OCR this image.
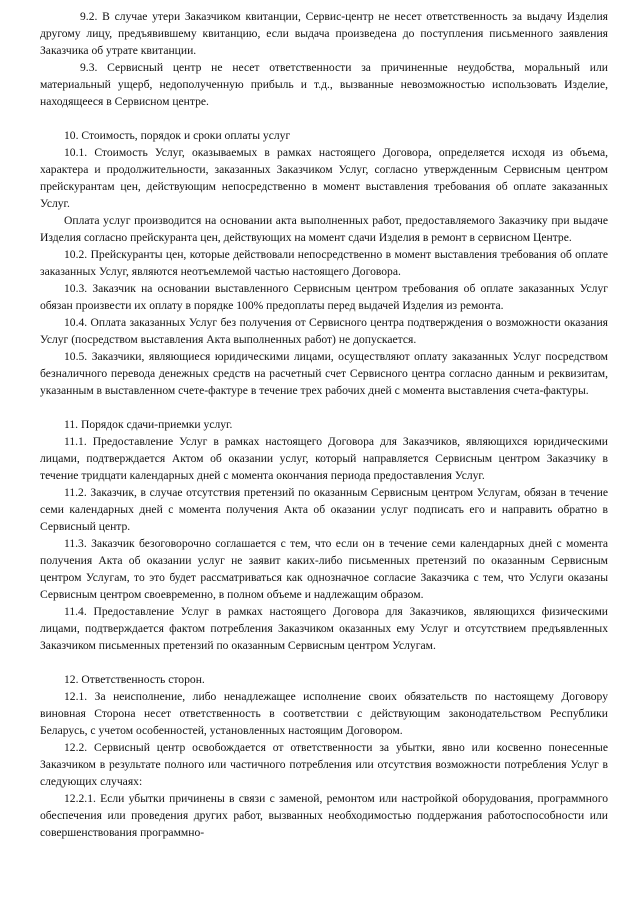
9.2. В случае утери Заказчиком квитанции, Сервис-центр не несет ответственность за выдачу Изделия другому лицу, предъявившему квитанцию, если выдача произведена до поступления письменного заявления Заказчика об утрате квитанции.

9.3. Сервисный центр не несет ответственности за причиненные неудобства, моральный или материальный ущерб, недополученную прибыль и т.д., вызванные невозможностью использовать Изделие, находящееся в Сервисном центре.

10. Стоимость, порядок и сроки оплаты услуг

10.1. Стоимость Услуг, оказываемых в рамках настоящего Договора, определяется исходя из объема, характера и продолжительности, заказанных Заказчиком Услуг, согласно утвержденным Сервисным центром прейскурантам цен, действующим непосредственно в момент выставления требования об оплате заказанных Услуг.

Оплата услуг производится на основании акта выполненных работ, предоставляемого Заказчику при выдаче Изделия согласно прейскуранта цен, действующих на момент сдачи Изделия в ремонт в сервисном Центре.

10.2. Прейскуранты цен, которые действовали непосредственно в момент выставления требования об оплате заказанных Услуг, являются неотъемлемой частью настоящего Договора.

10.3. Заказчик на основании выставленного Сервисным центром требования об оплате заказанных Услуг обязан произвести их оплату в порядке 100% предоплаты перед выдачей Изделия из ремонта.

10.4. Оплата заказанных Услуг без получения от Сервисного центра подтверждения о возможности оказания Услуг (посредством выставления Акта выполненных работ) не допускается.

10.5. Заказчики, являющиеся юридическими лицами, осуществляют оплату заказанных Услуг посредством безналичного перевода денежных средств на расчетный счет Сервисного центра согласно данным и реквизитам, указанным в выставленном счете-фактуре в течение трех рабочих дней с момента выставления счета-фактуры.

11. Порядок сдачи-приемки услуг.

11.1. Предоставление Услуг в рамках настоящего Договора для Заказчиков, являющихся юридическими лицами, подтверждается Актом об оказании услуг, который направляется Сервисным центром Заказчику в течение тридцати календарных дней с момента окончания периода предоставления Услуг.

11.2. Заказчик, в случае отсутствия претензий по оказанным Сервисным центром Услугам, обязан в течение семи календарных дней с момента получения Акта об оказании услуг подписать его и направить обратно в Сервисный центр.

11.3. Заказчик безоговорочно соглашается с тем, что если он в течение семи календарных дней с момента получения Акта об оказании услуг не заявит каких-либо письменных претензий по оказанным Сервисным центром Услугам, то это будет рассматриваться как однозначное согласие Заказчика с тем, что Услуги оказаны Сервисным центром своевременно, в полном объеме и надлежащим образом.

11.4. Предоставление Услуг в рамках настоящего Договора для Заказчиков, являющихся физическими лицами, подтверждается фактом потребления Заказчиком оказанных ему Услуг и отсутствием предъявленных Заказчиком письменных претензий по оказанным Сервисным центром Услугам.

12. Ответственность сторон.

12.1. За неисполнение, либо ненадлежащее исполнение своих обязательств по настоящему Договору виновная Сторона несет ответственность в соответствии с действующим законодательством Республики Беларусь, с учетом особенностей, установленных настоящим Договором.

12.2. Сервисный центр освобождается от ответственности за убытки, явно или косвенно понесенные Заказчиком в результате полного или частичного потребления или отсутствия возможности потребления Услуг в следующих случаях:

12.2.1. Если убытки причинены в связи с заменой, ремонтом или настройкой оборудования, программного обеспечения или проведения других работ, вызванных необходимостью поддержания работоспособности или совершенствования программно-
